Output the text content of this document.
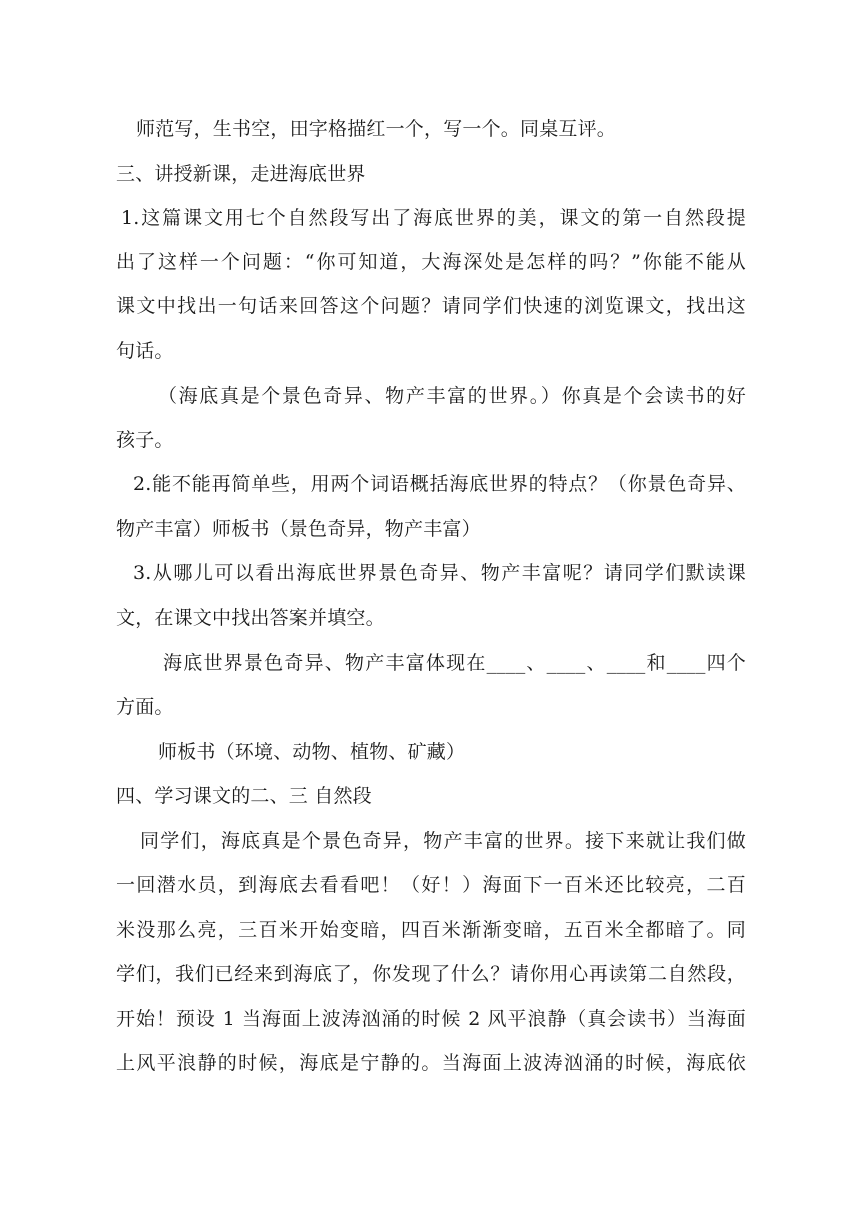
师范写，生书空，田字格描红一个，写一个。同桌互评。
三、讲授新课，走进海底世界
1.这篇课文用七个自然段写出了海底世界的美，课文的第一自然段提
出了这样一个问题：“你可知道，大海深处是怎样的吗？”你能不能从
课文中找出一句话来回答这个问题？请同学们快速的浏览课文，找出这
句话。
（海底真是个景色奇异、物产丰富的世界。）你真是个会读书的好
孩子。
2.能不能再简单些，用两个词语概括海底世界的特点？（你景色奇异、
物产丰富）师板书（景色奇异，物产丰富）
3.从哪儿可以看出海底世界景色奇异、物产丰富呢？请同学们默读课
文，在课文中找出答案并填空。
海底世界景色奇异、物产丰富体现在____、____、____和____四个
方面。
师板书（环境、动物、植物、矿藏）
四、学习课文的二、三 自然段
同学们，海底真是个景色奇异，物产丰富的世界。接下来就让我们做
一回潜水员，到海底去看看吧！（好！）海面下一百米还比较亮，二百
米没那么亮，三百米开始变暗，四百米渐渐变暗，五百米全都暗了。同
学们，我们已经来到海底了，你发现了什么？请你用心再读第二自然段，
开始！预设 1 当海面上波涛汹涌的时候 2 风平浪静（真会读书）当海面
上风平浪静的时候，海底是宁静的。当海面上波涛汹涌的时候，海底依
